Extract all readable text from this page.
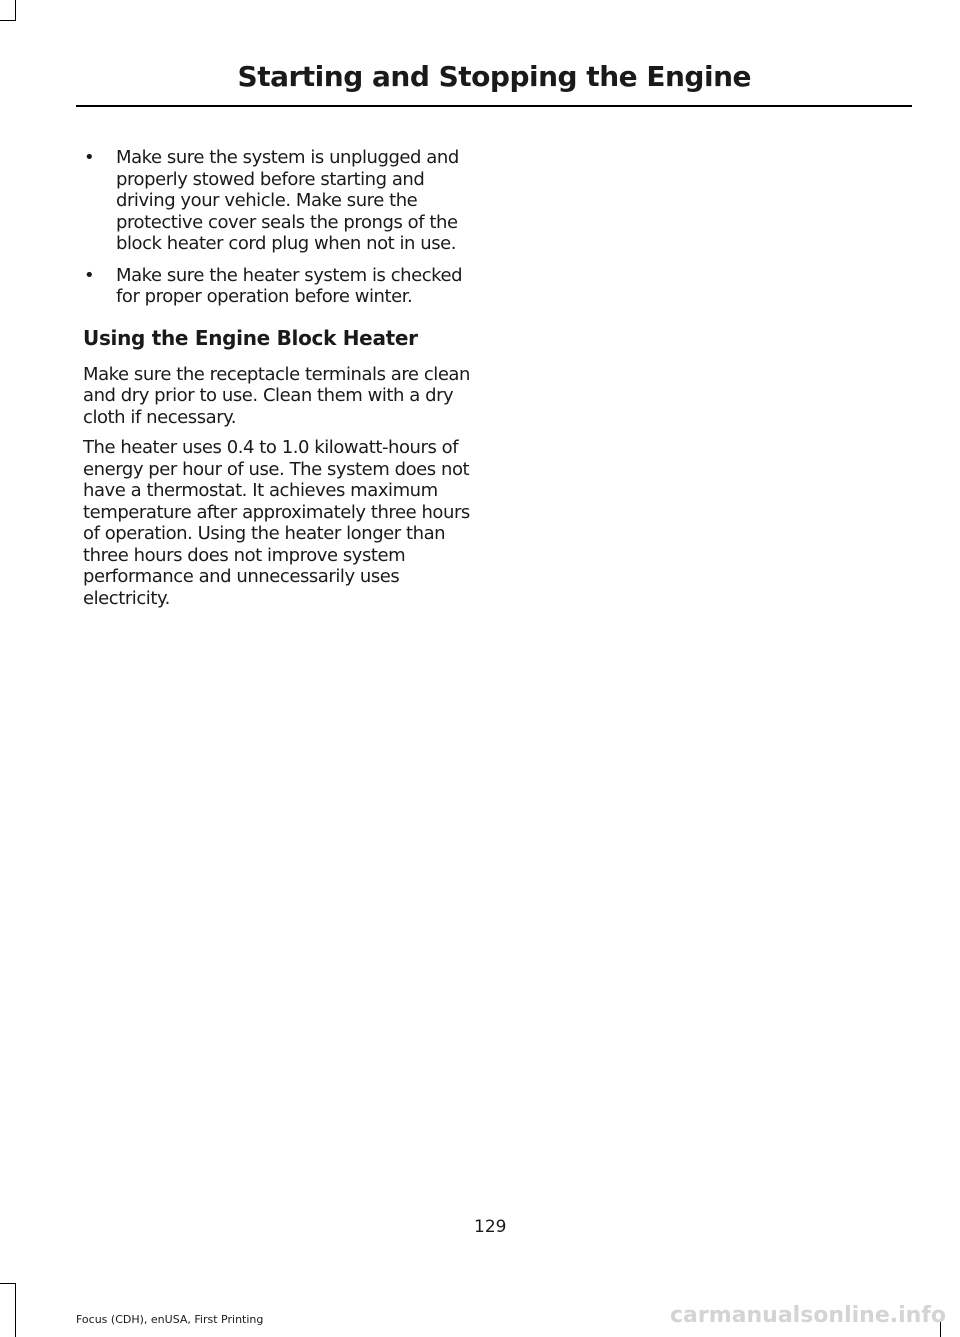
Starting and Stopping the Engine
• Make sure the system is unplugged and properly stowed before starting and driving your vehicle. Make sure the protective cover seals the prongs of the block heater cord plug when not in use.
• Make sure the heater system is checked for proper operation before winter.
Using the Engine Block Heater

Make sure the receptacle terminals are clean and dry prior to use. Clean them with a dry cloth if necessary.

The heater uses 0.4 to 1.0 kilowatt-hours of energy per hour of use. The system does not have a thermostat. It achieves maximum temperature after approximately three hours of operation. Using the heater longer than three hours does not improve system performance and unnecessarily uses electricity.

129
Focus (CDH), enUSA, First Printing	carmanualsonline.info
